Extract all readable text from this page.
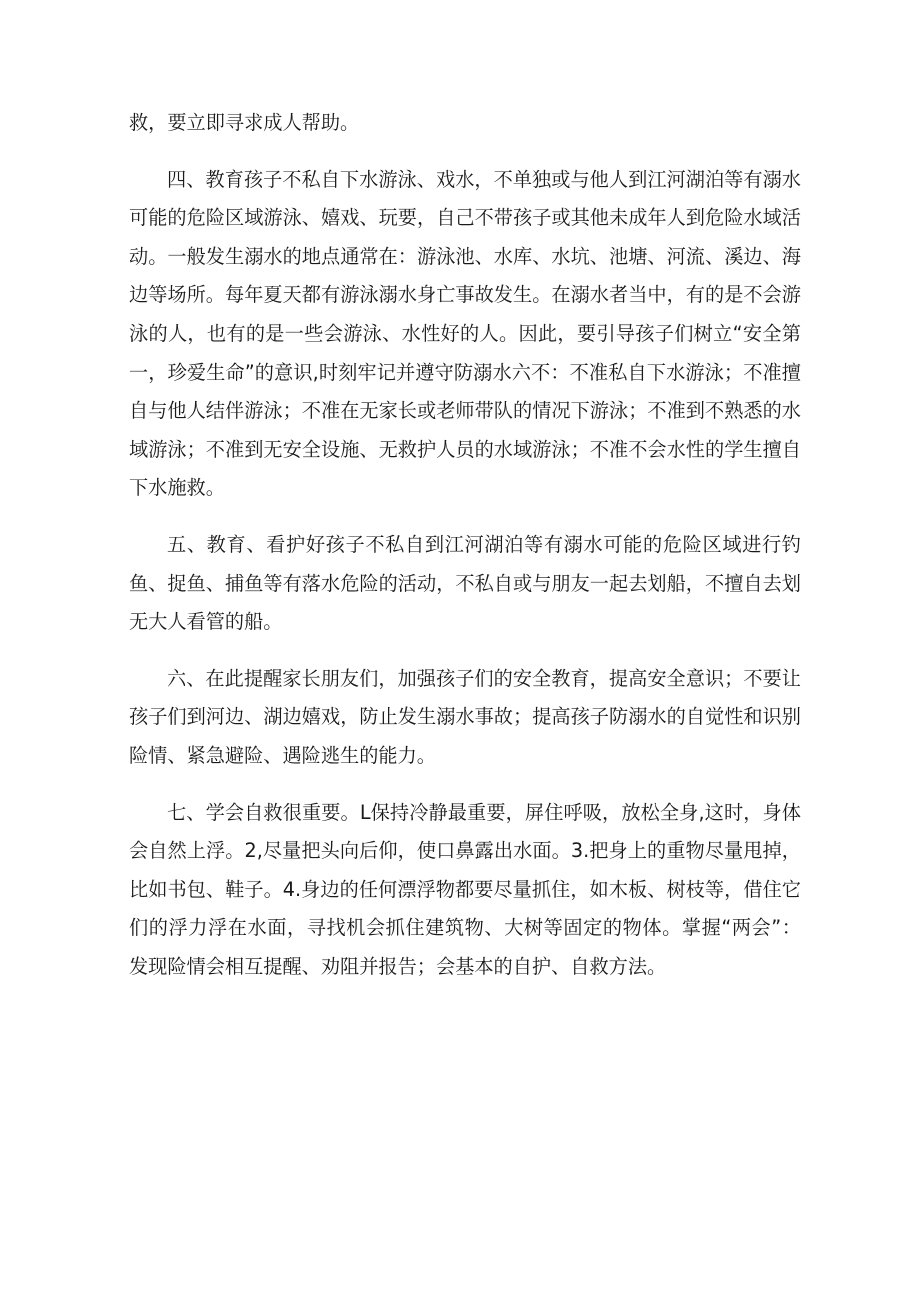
救，要立即寻求成人帮助。

四、教育孩子不私自下水游泳、戏水，不单独或与他人到江河湖泊等有溺水可能的危险区域游泳、嬉戏、玩要，自己不带孩子或其他未成年人到危险水域活动。一般发生溺水的地点通常在：游泳池、水库、水坑、池塘、河流、溪边、海边等场所。每年夏天都有游泳溺水身亡事故发生。在溺水者当中，有的是不会游泳的人，也有的是一些会游泳、水性好的人。因此，要引导孩子们树立“安全第一，珍爱生命”的意识,时刻牢记并遵守防溺水六不：不准私自下水游泳；不准擅自与他人结伴游泳；不准在无家长或老师带队的情况下游泳；不准到不熟悉的水域游泳；不准到无安全设施、无救护人员的水域游泳；不准不会水性的学生擅自下水施救。

五、教育、看护好孩子不私自到江河湖泊等有溺水可能的危险区域进行钓鱼、捉鱼、捕鱼等有落水危险的活动，不私自或与朋友一起去划船，不擅自去划无大人看管的船。

六、在此提醒家长朋友们，加强孩子们的安全教育，提高安全意识；不要让孩子们到河边、湖边嬉戏，防止发生溺水事故；提高孩子防溺水的自觉性和识别险情、紧急避险、遇险逃生的能力。

七、学会自救很重要。L保持冷静最重要，屏住呼吸，放松全身,这时，身体会自然上浮。2,尽量把头向后仰，使口鼻露出水面。3.把身上的重物尽量甩掉，比如书包、鞋子。4.身边的任何漂浮物都要尽量抓住，如木板、树枝等，借住它们的浮力浮在水面，寻找机会抓住建筑物、大树等固定的物体。掌握“两会”：发现险情会相互提醒、劝阻并报告；会基本的自护、自救方法。
